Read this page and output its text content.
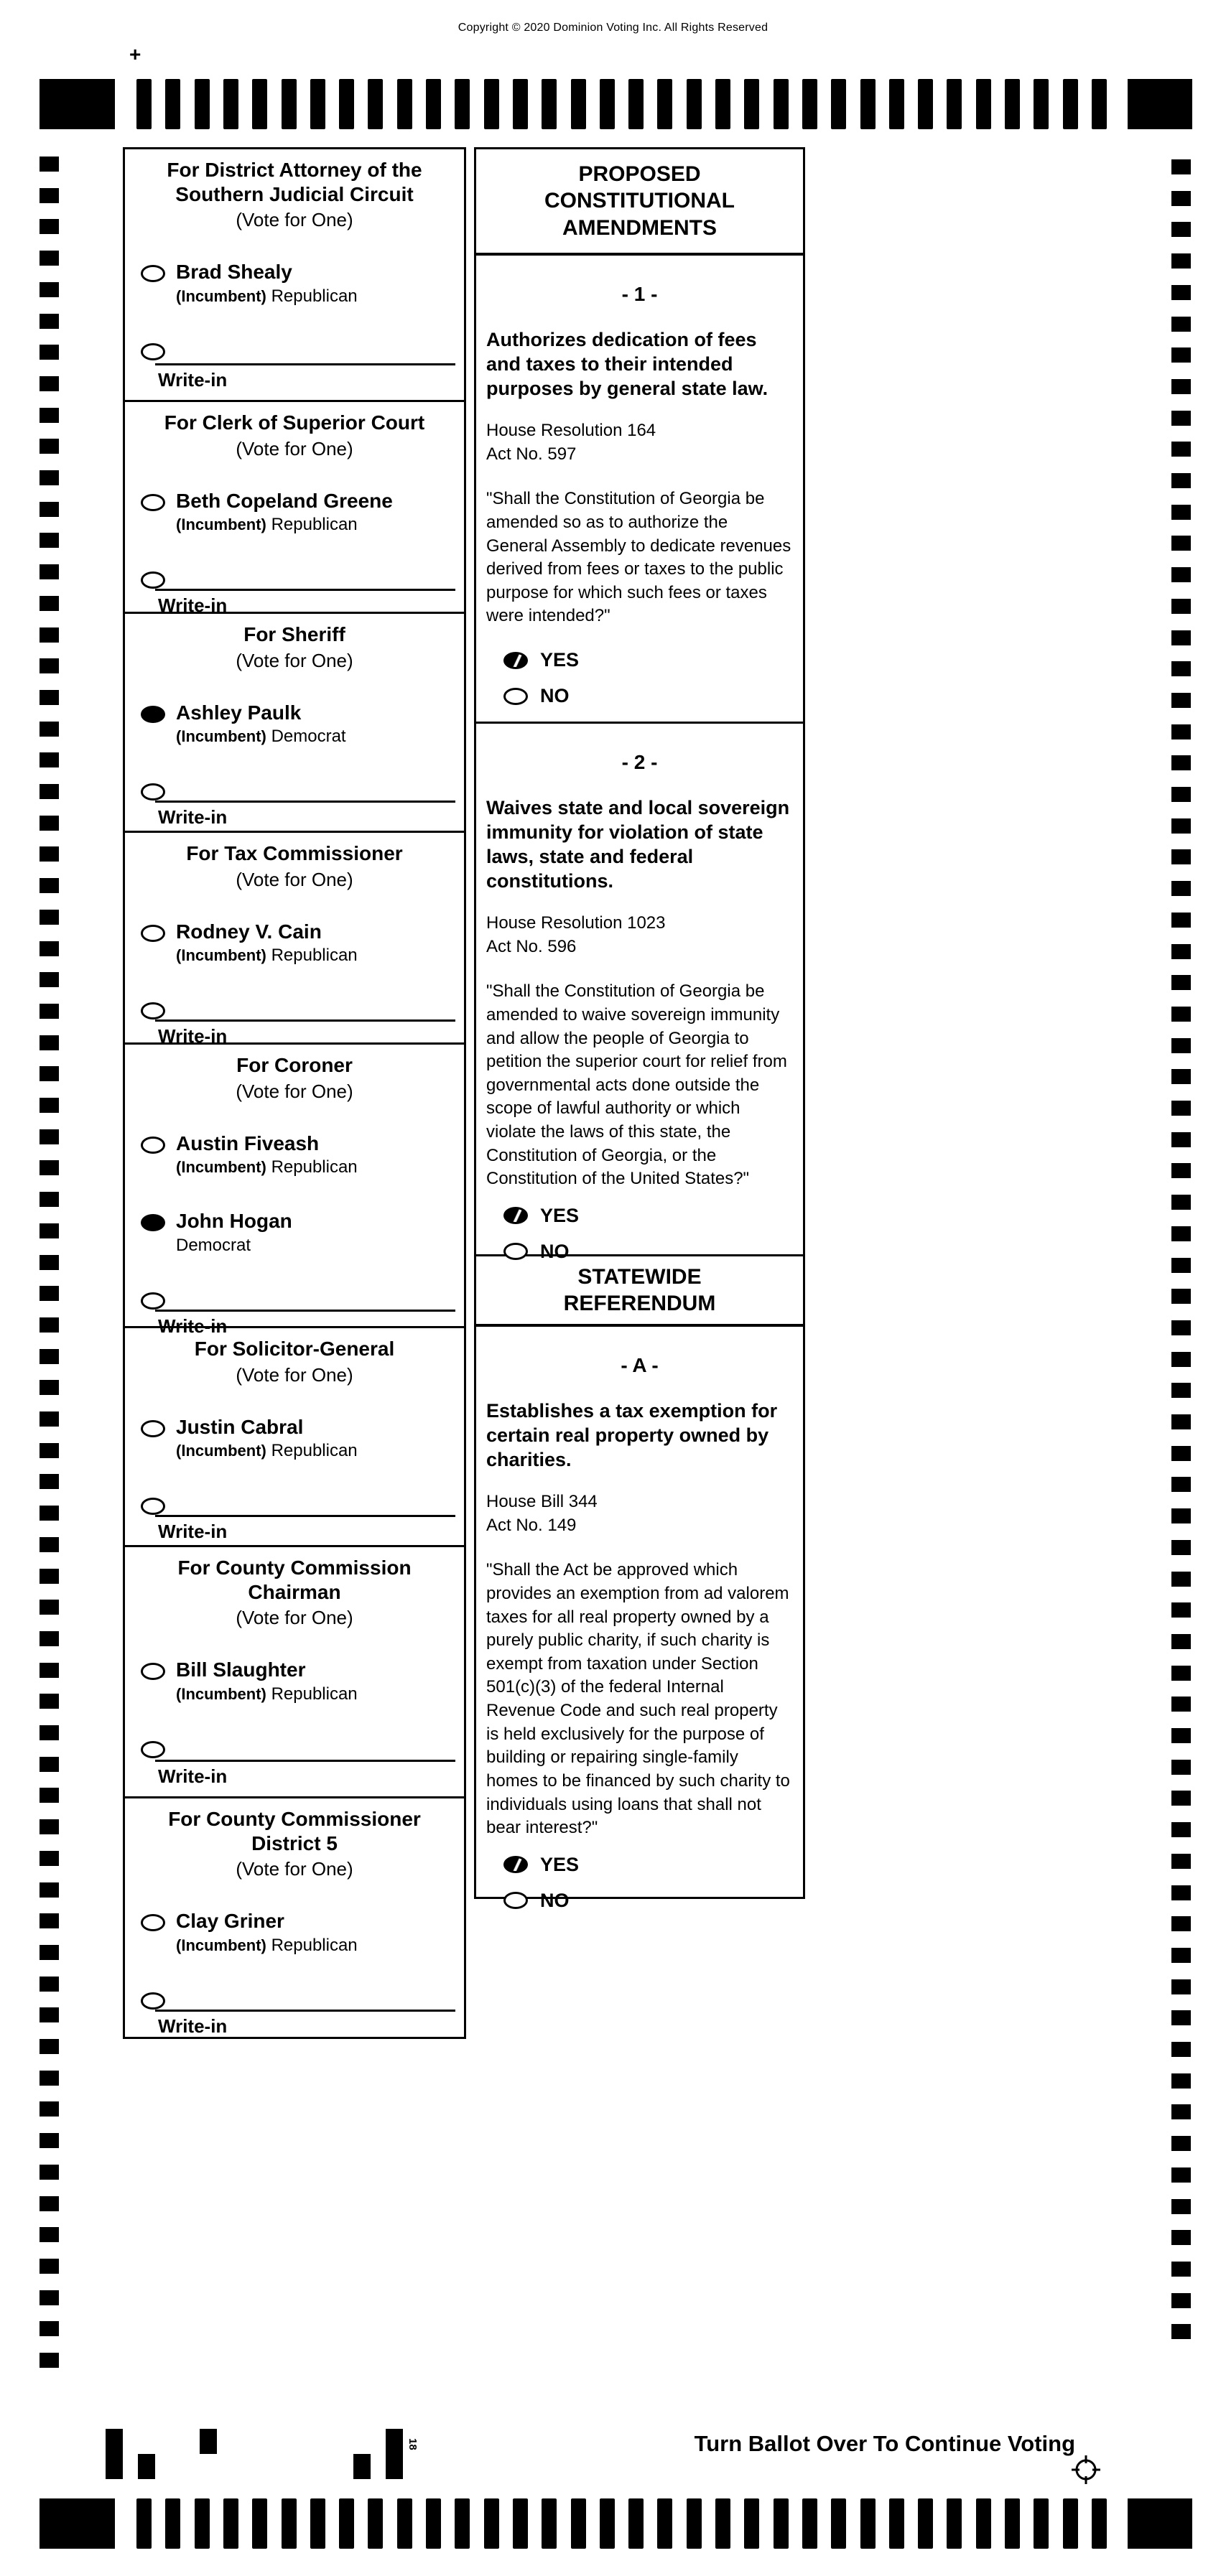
Copyright © 2020 Dominion Voting Inc. All Rights Reserved
+
For District Attorney of the
Southern Judicial Circuit
(Vote for One)
Brad Shealy
(Incumbent) Republican
Write-in
For Clerk of Superior Court
(Vote for One)
Beth Copeland Greene
(Incumbent) Republican
Write-in
For Sheriff
(Vote for One)
Ashley Paulk
(Incumbent) Democrat
Write-in
For Tax Commissioner
(Vote for One)
Rodney V. Cain
(Incumbent) Republican
Write-in
For Coroner
(Vote for One)
Austin Fiveash
(Incumbent) Republican
John Hogan
Democrat
Write-in
For Solicitor-General
(Vote for One)
Justin Cabral
(Incumbent) Republican
Write-in
For County Commission
Chairman
(Vote for One)
Bill Slaughter
(Incumbent) Republican
Write-in
For County Commissioner
District 5
(Vote for One)
Clay Griner
(Incumbent) Republican
Write-in
PROPOSED
CONSTITUTIONAL
AMENDMENTS
- 1 -
Authorizes dedication of fees and taxes to their intended purposes by general state law.
House Resolution 164
Act No. 597
"Shall the Constitution of Georgia be amended so as to authorize the General Assembly to dedicate revenues derived from fees or taxes to the public purpose for which such fees or taxes were intended?"
YES
NO
- 2 -
Waives state and local sovereign immunity for violation of state laws, state and federal constitutions.
House Resolution 1023
Act No. 596
"Shall the Constitution of Georgia be amended to waive sovereign immunity and allow the people of Georgia to petition the superior court for relief from governmental acts done outside the scope of lawful authority or which violate the laws of this state, the Constitution of Georgia, or the Constitution of the United States?"
YES
NO
STATEWIDE
REFERENDUM
- A -
Establishes a tax exemption for certain real property owned by charities.
House Bill 344
Act No. 149
"Shall the Act be approved which provides an exemption from ad valorem taxes for all real property owned by a purely public charity, if such charity is exempt from taxation under Section 501(c)(3) of the federal Internal Revenue Code and such real property is held exclusively for the purpose of building or repairing single-family homes to be financed by such charity to individuals using loans that shall not bear interest?"
YES
NO
Turn Ballot Over To Continue Voting
18
